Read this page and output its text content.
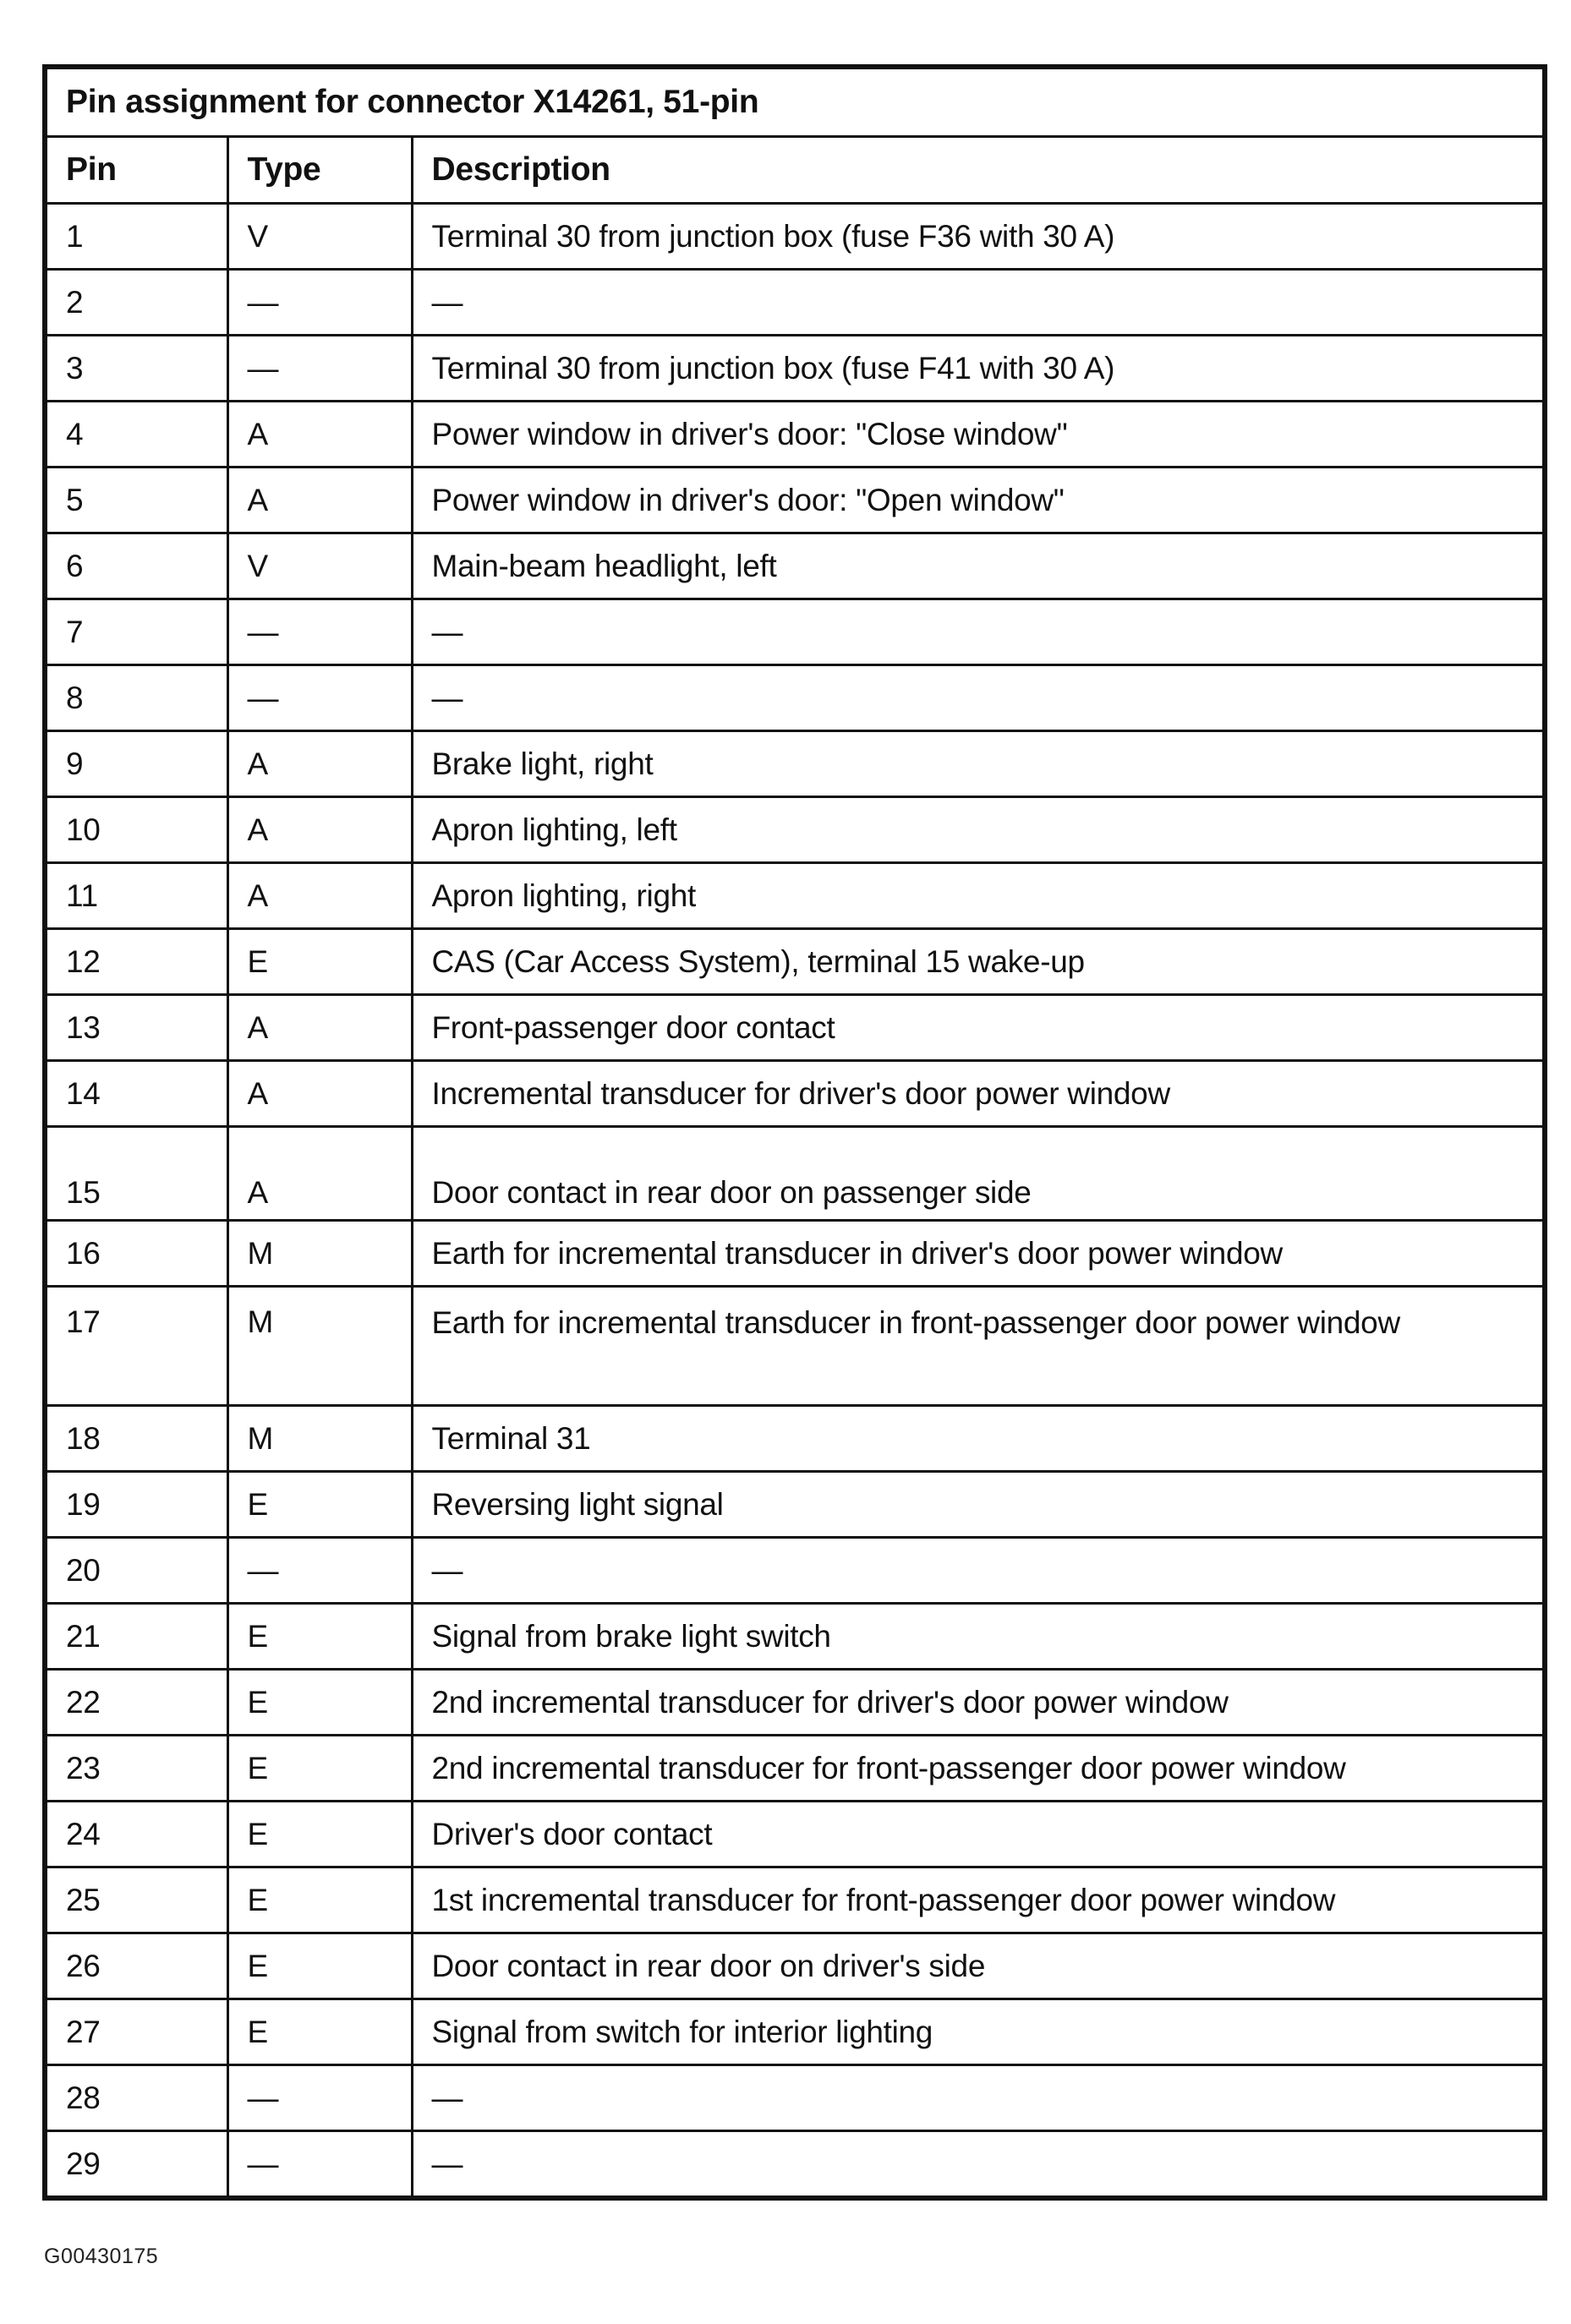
Pin assignment for connector X14261, 51-pin		
Pin	Type	Description
1	V	Terminal 30 from junction box (fuse F36 with 30 A)
2	—	—
3	—	Terminal 30 from junction box (fuse F41 with 30 A)
4	A	Power window in driver's door: "Close window"
5	A	Power window in driver's door: "Open window"
6	V	Main-beam headlight, left
7	—	—
8	—	—
9	A	Brake light, right
10	A	Apron lighting, left
11	A	Apron lighting, right
12	E	CAS (Car Access System), terminal 15 wake-up
13	A	Front-passenger door contact
14	A	Incremental transducer for driver's door power window
15	A	Door contact in rear door on passenger side
16	M	Earth for incremental transducer in driver's door power window
17	M	Earth for incremental transducer in front-passenger door power window
18	M	Terminal 31
19	E	Reversing light signal
20	—	—
21	E	Signal from brake light switch
22	E	2nd incremental transducer for driver's door power window
23	E	2nd incremental transducer for front-passenger door power window
24	E	Driver's door contact
25	E	1st incremental transducer for front-passenger door power window
26	E	Door contact in rear door on driver's side
27	E	Signal from switch for interior lighting
28	—	—
29	—	—
G00430175
